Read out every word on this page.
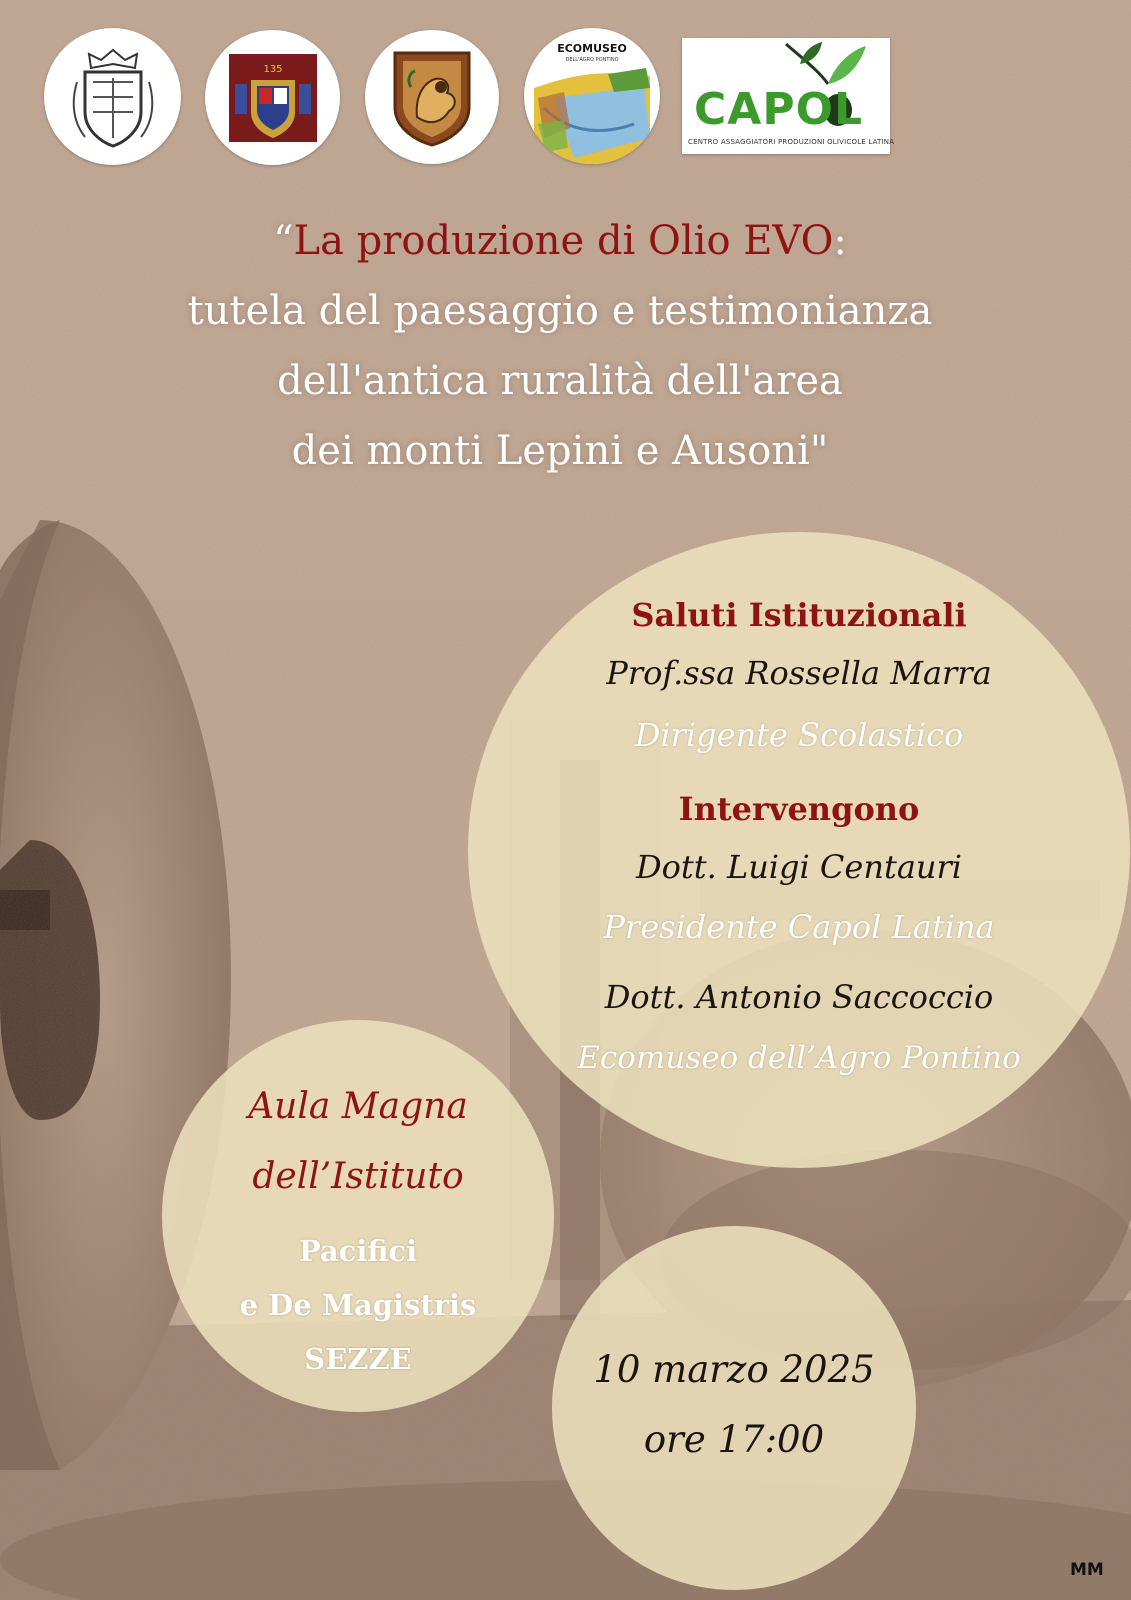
135
ECOMUSEO
DELL'AGRO PONTINO
CAPOL
CENTRO ASSAGGIATORI PRODUZIONI OLIVICOLE LATINA
“La produzione di Olio EVO:
tutela del paesaggio e testimonianza
dell'antica ruralità dell'area
dei monti Lepini e Ausoni"
Saluti Istituzionali
Prof.ssa Rossella Marra
Dirigente Scolastico
Intervengono
Dott. Luigi Centauri
Presidente Capol Latina
Dott. Antonio Saccoccio
Ecomuseo dell’Agro Pontino
Aula Magna
dell’Istituto
Pacifici
e De Magistris
SEZZE	10 marzo 2025
ore 17:00
MM
